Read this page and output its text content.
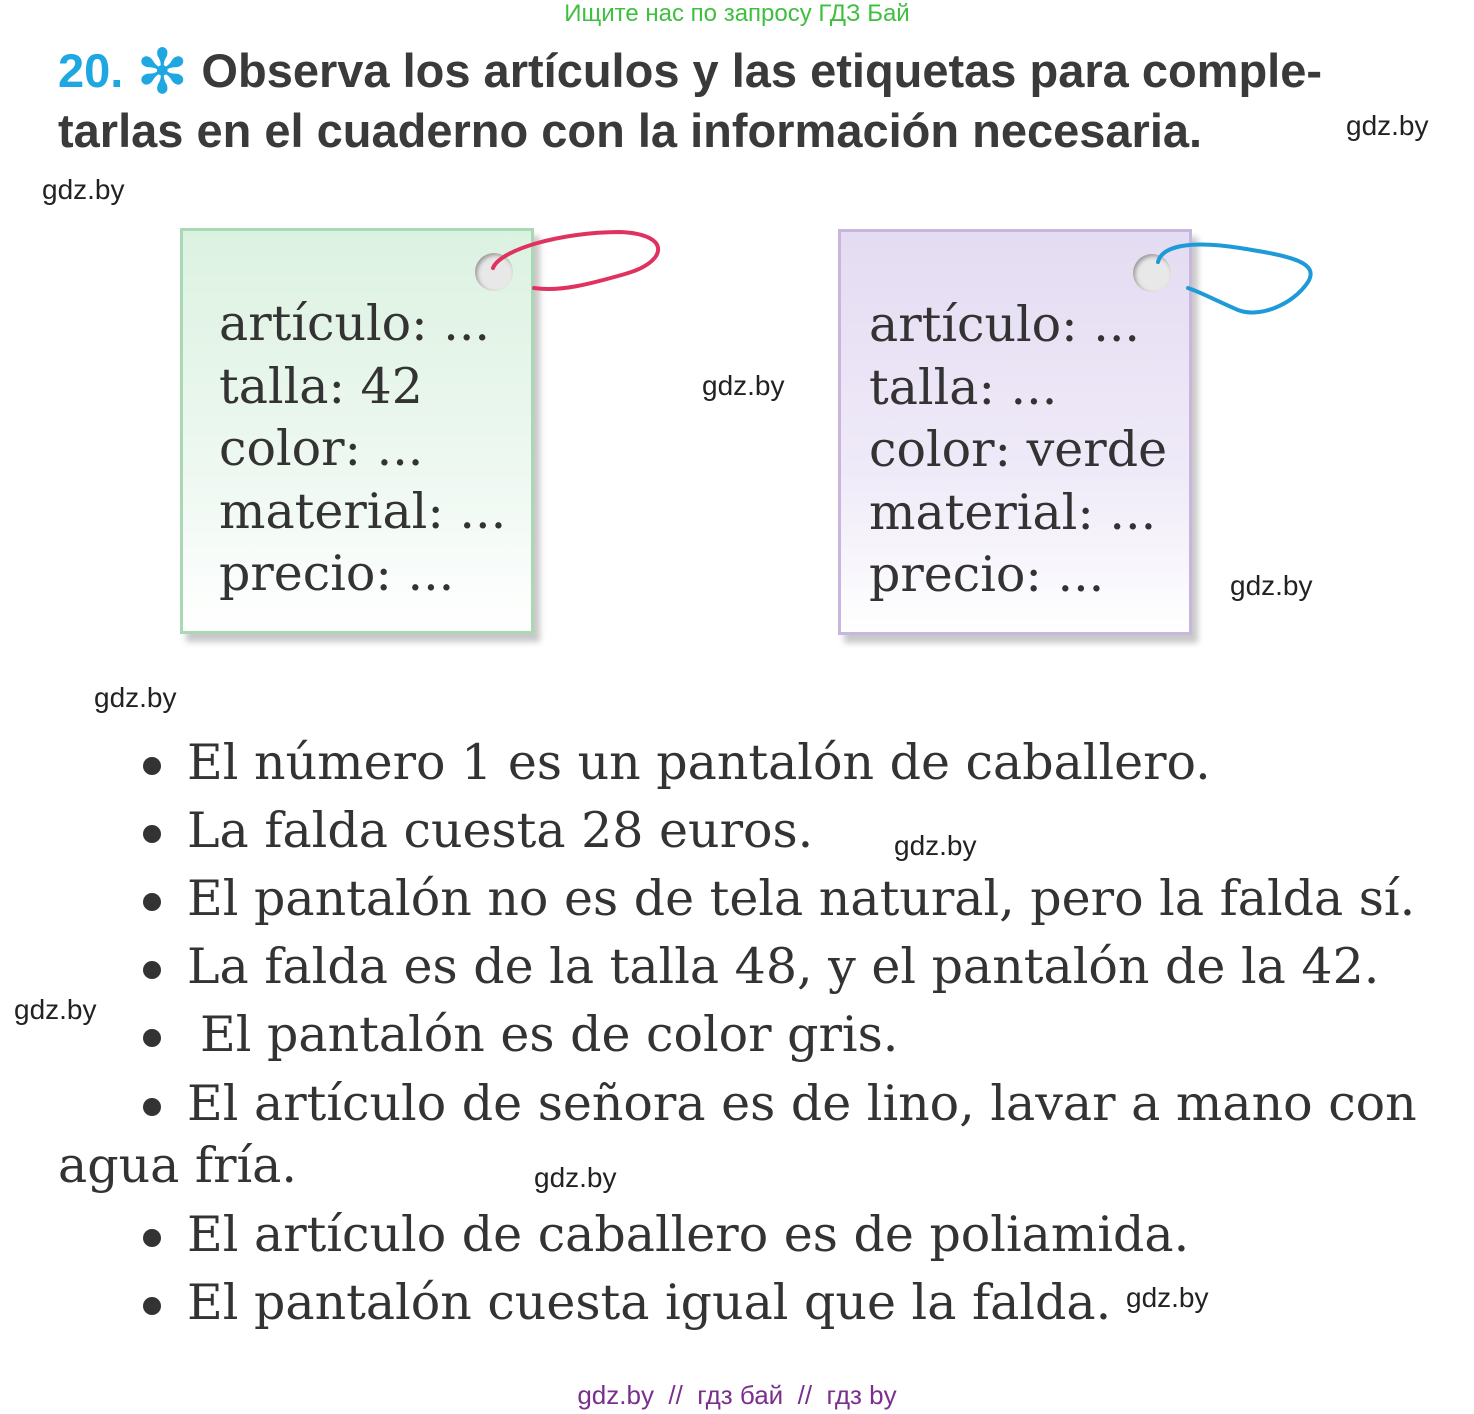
Ищите нас по запросу ГДЗ Бай
20. ✻ Observa los artículos y las etiquetas para comple-
tarlas en el cuaderno con la información necesaria.	gdz.by
gdz.by
gdz.by
gdz.by
gdz.by
gdz.by
gdz.by
gdz.by
gdz.by
artículo: ...
talla: 42
color: ...
material: ...
precio: ...
artículo: ...
talla: ...
color: verde
material: ...
precio: ...
El número 1 es un pantalón de caballero.
La falda cuesta 28 euros.
El pantalón no es de tela natural, pero la falda sí.
La falda es de la talla 48, y el pantalón de la 42.
El pantalón es de color gris.
El artículo de señora es de lino, lavar a mano con
agua fría.
El artículo de caballero es de poliamida.
El pantalón cuesta igual que la falda.
gdz.by  //  гдз бай  //  гдз by
